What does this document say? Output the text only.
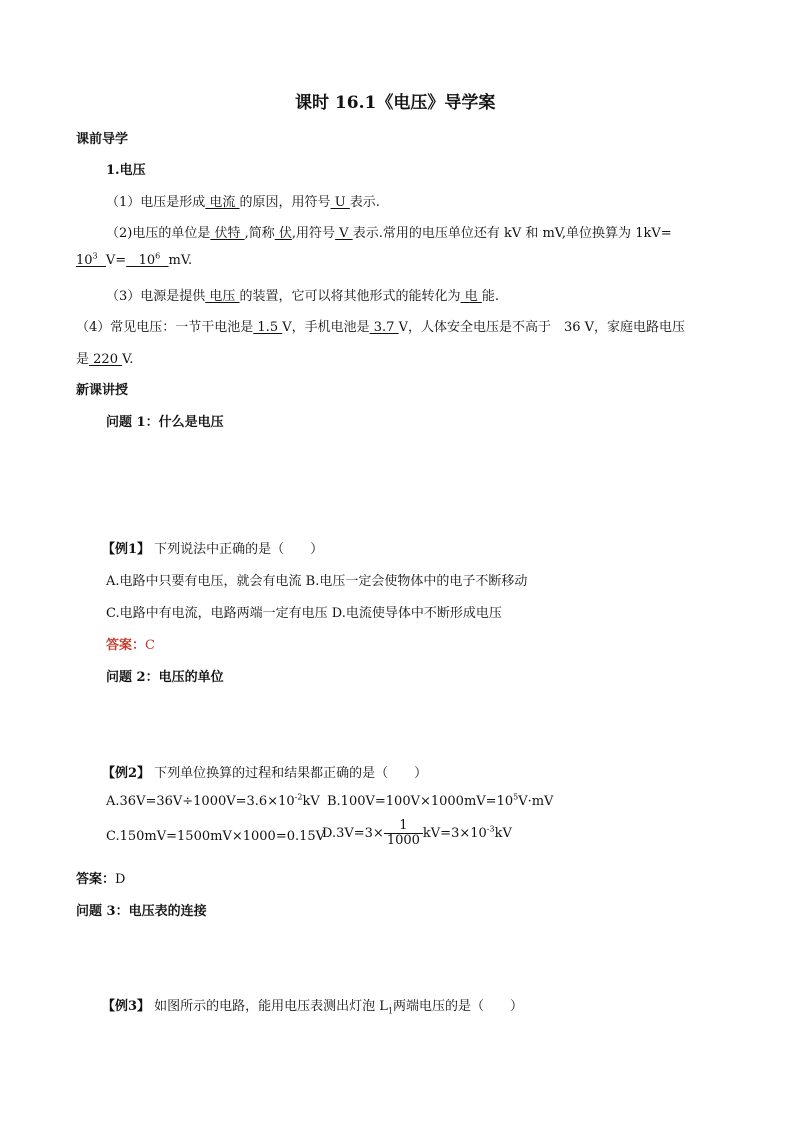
课时 16.1《电压》导学案
课前导学
1.电压
（1）电压是形成 电流 的原因，用符号 U 表示.
（2)电压的单位是 伏特 ,简称 伏,用符号 V 表示.常用的电压单位还有 kV 和 mV,单位换算为 1kV=
$10^3$ $V= 10^6$ mV.
（3）电源是提供 电压 的装置，它可以将其他形式的能转化为 电 能.
（4）常见电压：一节干电池是 1.5 V，手机电池是 3.7 V，人体安全电压是不高于　36 V，家庭电路电压
是 220 V.
新课讲授
问题 1：什么是电压
【例1】 下列说法中正确的是（　　）
A.电路中只要有电压，就会有电流 B.电压一定会使物体中的电子不断移动
C.电路中有电流，电路两端一定有电压 D.电流使导体中不断形成电压
答案：C
问题 2：电压的单位
【例2】 下列单位换算的过程和结果都正确的是（　　）
$A.36V=36V\div 1000V=3.6\times 10^{-2}kV$ $B.100V=100V\times 1000mV=10^5V\cdot mV$
C.150mV=1500mV×1000=0.15V
$D.3V=3\times \frac{1}{1000} kV=3\times 10^{-3}kV$
答案：D
问题 3：电压表的连接
【例3】 如图所示的电路，能用电压表测出灯泡 $L_1$两端电压的是（　　）
